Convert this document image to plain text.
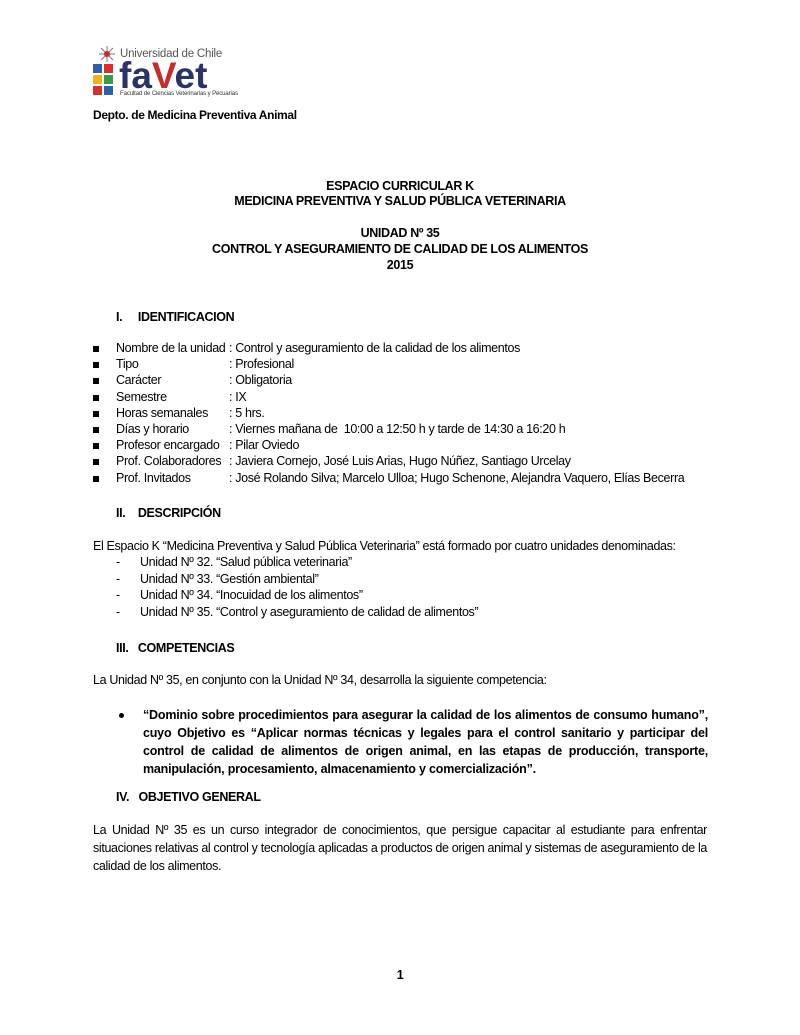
Universidad de Chile
faVet
Facultad de Ciencias Veterinarias y Pecuarias
Depto. de Medicina Preventiva Animal
ESPACIO CURRICULAR K
MEDICINA PREVENTIVA Y SALUD PÚBLICA VETERINARIA
UNIDAD Nº 35
CONTROL Y ASEGURAMIENTO DE CALIDAD DE LOS ALIMENTOS
2015
I.     IDENTIFICACION
Nombre de la unidad : Control y aseguramiento de la calidad de los alimentos
Tipo	: Profesional
Carácter	: Obligatoria
Semestre	: IX
Horas semanales : 5 hrs.
Días y horario	: Viernes mañana de  10:00 a 12:50 h y tarde de 14:30 a 16:20 h
Profesor encargado : Pilar Oviedo
Prof. Colaboradores : Javiera Cornejo, José Luis Arias, Hugo Núñez, Santiago Urcelay
Prof. Invitados	: José Rolando Silva; Marcelo Ulloa; Hugo Schenone, Alejandra Vaquero, Elías Becerra
II.    DESCRIPCIÓN
El Espacio K “Medicina Preventiva y Salud Pública Veterinaria” está formado por cuatro unidades denominadas:
- Unidad Nº 32. “Salud pública veterinaria”
- Unidad Nº 33. “Gestión ambiental”
- Unidad Nº 34. “Inocuidad de los alimentos”
- Unidad Nº 35. “Control y aseguramiento de calidad de alimentos”
III.   COMPETENCIAS
La Unidad Nº 35, en conjunto con la Unidad Nº 34, desarrolla la siguiente competencia:
“Dominio sobre procedimientos para asegurar la calidad de los alimentos de consumo humano”, cuyo Objetivo es “Aplicar normas técnicas y legales para el control sanitario y participar del control de calidad de alimentos de origen animal, en las etapas de producción, transporte, manipulación, procesamiento, almacenamiento y comercialización”.
IV.   OBJETIVO GENERAL
La Unidad Nº 35 es un curso integrador de conocimientos, que persigue capacitar al estudiante para enfrentar situaciones relativas al control y tecnología aplicadas a productos de origen animal y sistemas de aseguramiento de la calidad de los alimentos.
1
